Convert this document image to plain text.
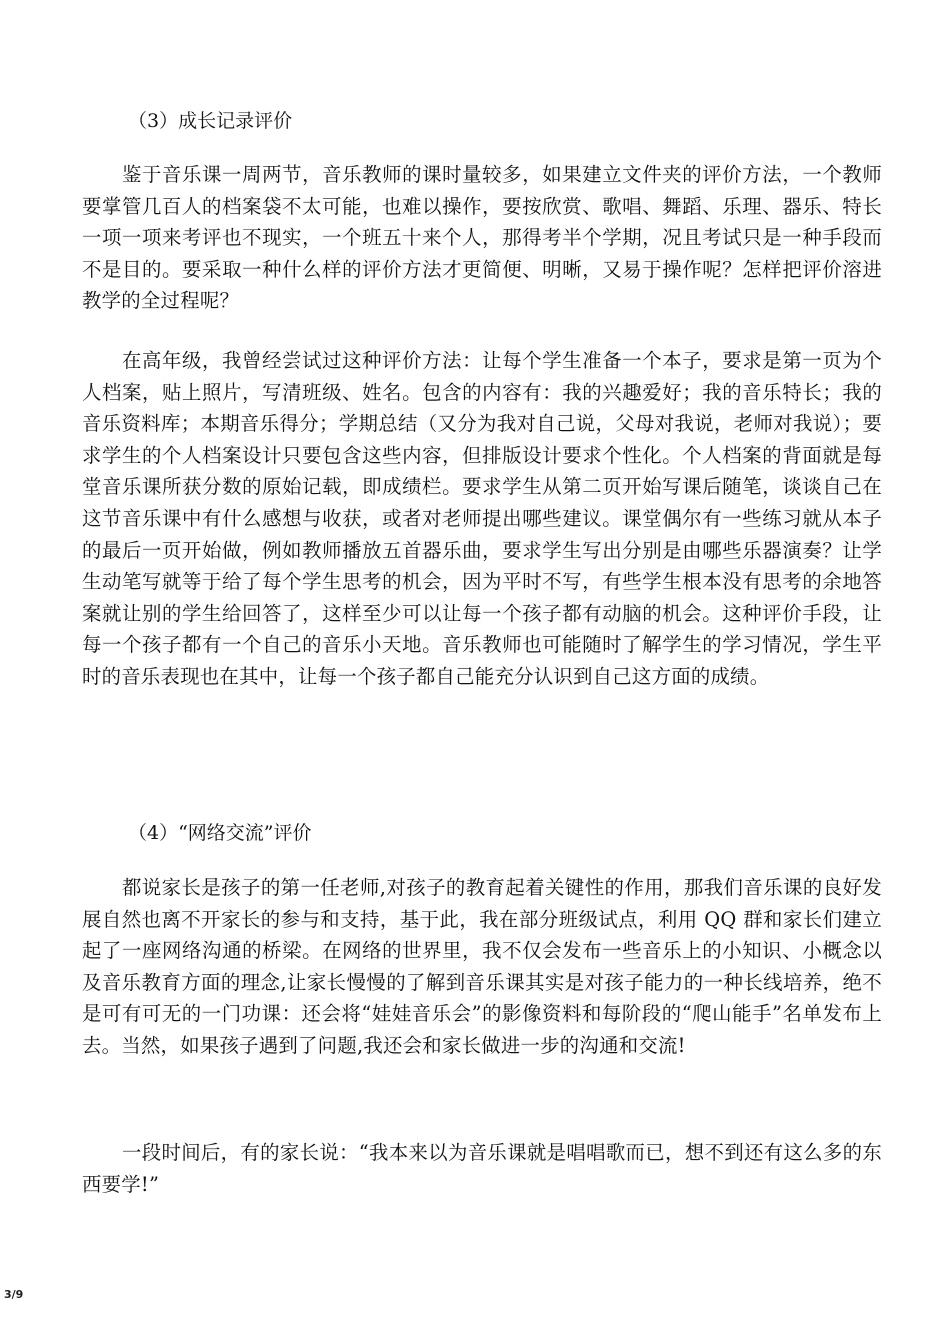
（3）成长记录评价
鉴于音乐课一周两节，音乐教师的课时量较多，如果建立文件夹的评价方法，一个教师要掌管几百人的档案袋不太可能，也难以操作，要按欣赏、歌唱、舞蹈、乐理、器乐、特长一项一项来考评也不现实，一个班五十来个人，那得考半个学期，况且考试只是一种手段而不是目的。要采取一种什么样的评价方法才更简便、明晰，又易于操作呢？怎样把评价溶进教学的全过程呢？
在高年级，我曾经尝试过这种评价方法：让每个学生准备一个本子，要求是第一页为个人档案，贴上照片，写清班级、姓名。包含的内容有：我的兴趣爱好；我的音乐特长；我的音乐资料库；本期音乐得分；学期总结（又分为我对自己说，父母对我说，老师对我说）；要求学生的个人档案设计只要包含这些内容，但排版设计要求个性化。个人档案的背面就是每堂音乐课所获分数的原始记载，即成绩栏。要求学生从第二页开始写课后随笔，谈谈自己在这节音乐课中有什么感想与收获，或者对老师提出哪些建议。课堂偶尔有一些练习就从本子的最后一页开始做，例如教师播放五首器乐曲，要求学生写出分别是由哪些乐器演奏？让学生动笔写就等于给了每个学生思考的机会，因为平时不写，有些学生根本没有思考的余地答案就让别的学生给回答了，这样至少可以让每一个孩子都有动脑的机会。这种评价手段，让每一个孩子都有一个自己的音乐小天地。音乐教师也可能随时了解学生的学习情况，学生平时的音乐表现也在其中，让每一个孩子都自己能充分认识到自己这方面的成绩。
（4）“网络交流”评价
都说家长是孩子的第一任老师,对孩子的教育起着关键性的作用，那我们音乐课的良好发展自然也离不开家长的参与和支持，基于此，我在部分班级试点，利用 QQ 群和家长们建立起了一座网络沟通的桥梁。在网络的世界里，我不仅会发布一些音乐上的小知识、小概念以及音乐教育方面的理念,让家长慢慢的了解到音乐课其实是对孩子能力的一种长线培养，绝不是可有可无的一门功课：还会将“娃娃音乐会”的影像资料和每阶段的“爬山能手”名单发布上去。当然，如果孩子遇到了问题,我还会和家长做进一步的沟通和交流!
一段时间后，有的家长说：“我本来以为音乐课就是唱唱歌而已，想不到还有这么多的东西要学!”
3/9
